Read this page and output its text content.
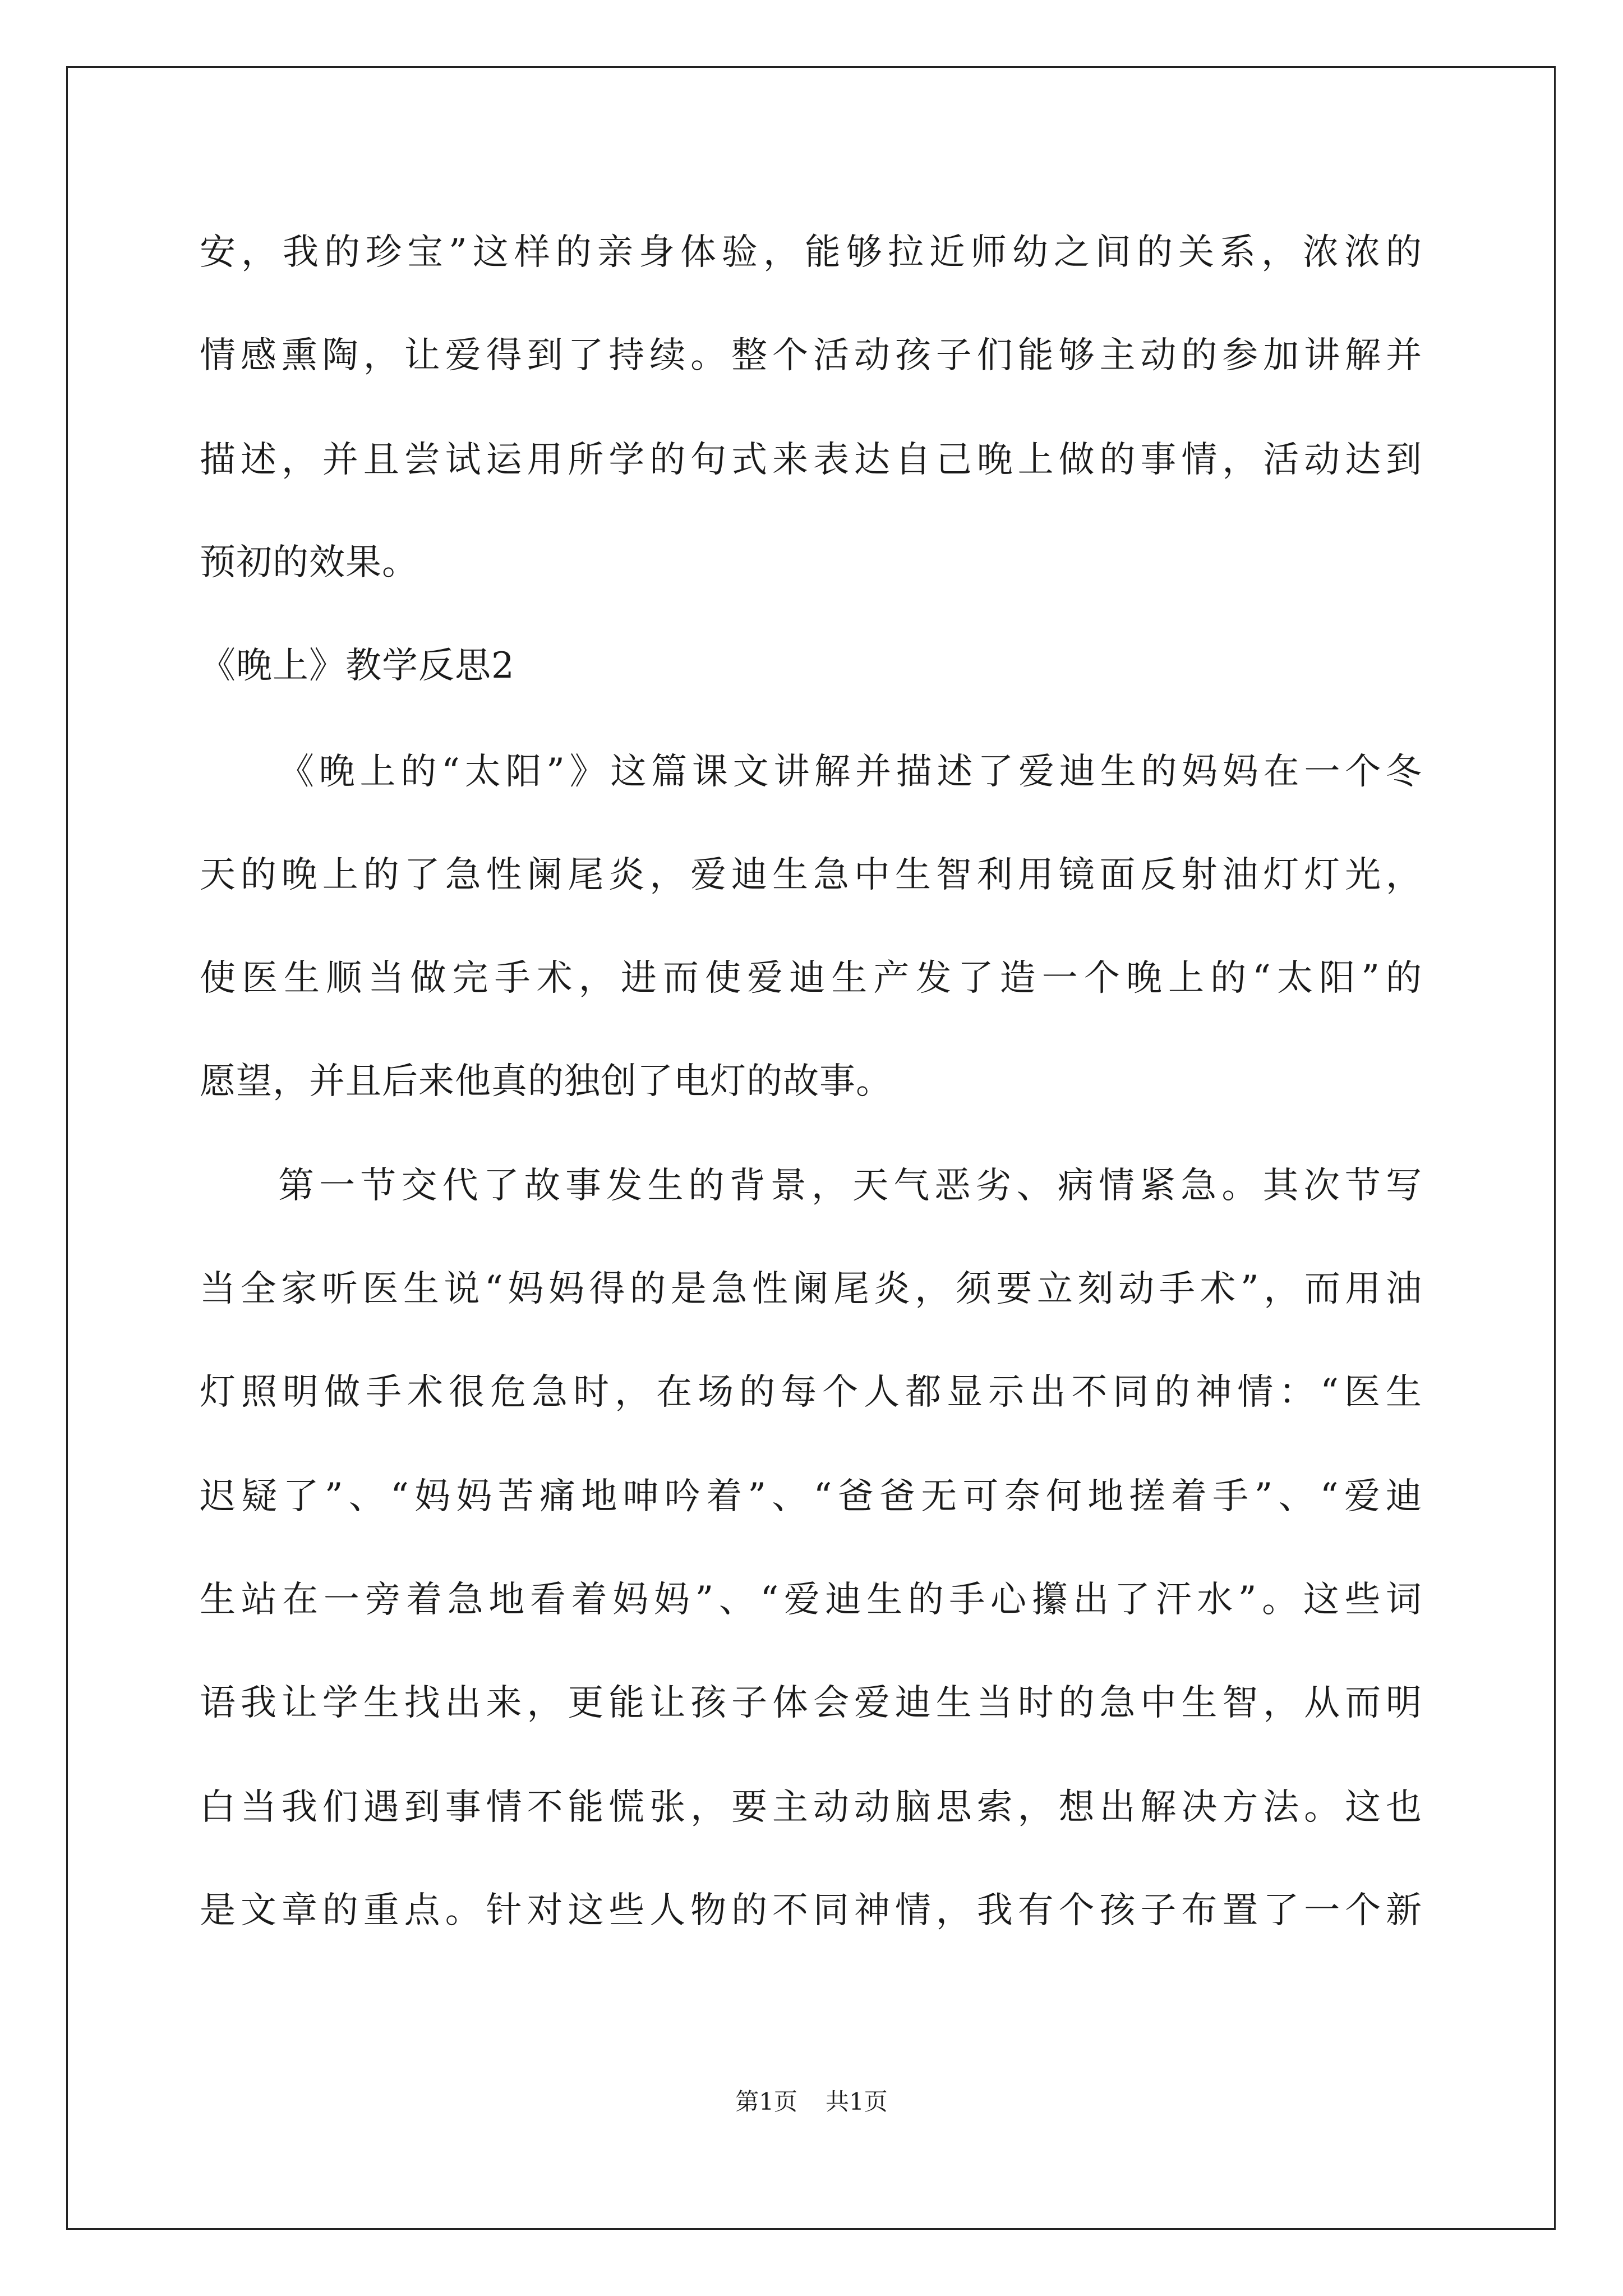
安，我的珍宝”这样的亲身体验，能够拉近师幼之间的关系，浓浓的
情感熏陶，让爱得到了持续。整个活动孩子们能够主动的参加讲解并
描述，并且尝试运用所学的句式来表达自己晚上做的事情，活动达到
预初的效果。
《晚上》教学反思2
《晚上的“太阳”》这篇课文讲解并描述了爱迪生的妈妈在一个冬
天的晚上的了急性阑尾炎，爱迪生急中生智利用镜面反射油灯灯光，
使医生顺当做完手术，进而使爱迪生产发了造一个晚上的“太阳”的
愿望，并且后来他真的独创了电灯的故事。
第一节交代了故事发生的背景，天气恶劣、病情紧急。其次节写
当全家听医生说“妈妈得的是急性阑尾炎，须要立刻动手术”，而用油
灯照明做手术很危急时，在场的每个人都显示出不同的神情：“医生
迟疑了”、“妈妈苦痛地呻吟着”、“爸爸无可奈何地搓着手”、“爱迪
生站在一旁着急地看着妈妈”、“爱迪生的手心攥出了汗水”。这些词
语我让学生找出来，更能让孩子体会爱迪生当时的急中生智，从而明
白当我们遇到事情不能慌张，要主动动脑思索，想出解决方法。这也
是文章的重点。针对这些人物的不同神情，我有个孩子布置了一个新
第1页 共1页
